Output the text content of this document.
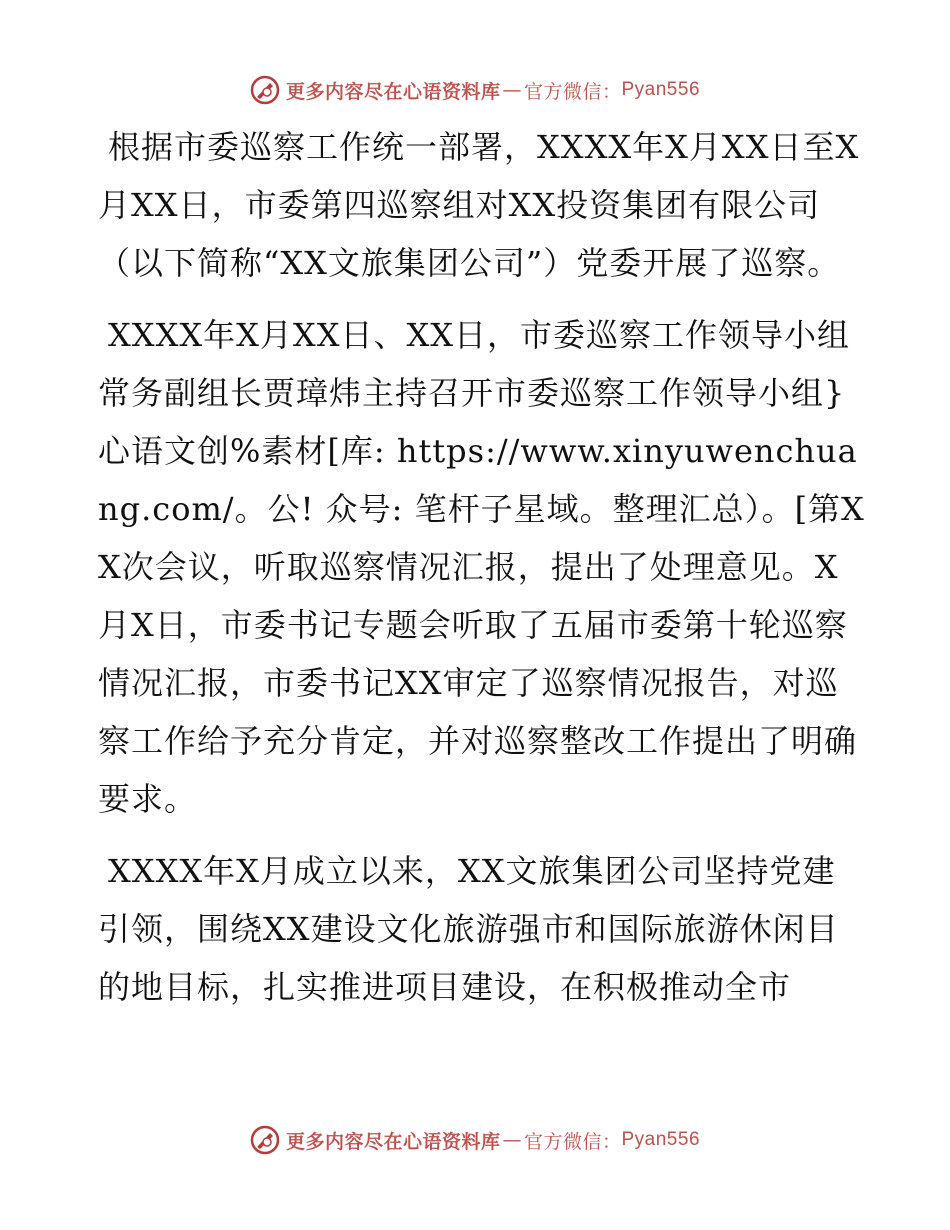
更多内容尽在心语资料库 — 官方微信： Pyan556

根据市委巡察工作统一部署，XXXX年X月XX日至X月XX日，市委第四巡察组对XX投资集团有限公司（以下简称“XX文旅集团公司”）党委开展了巡察。

XXXX年X月XX日、XX日，市委巡察工作领导小组常务副组长贾璋炜主持召开市委巡察工作领导小组}心语文创%素材[库: https://www.xinyuwenchuang.com/。公! 众号: 笔杆子星域。整理汇总）。[第XX次会议，听取巡察情况汇报，提出了处理意见。X月X日，市委书记专题会听取了五届市委第十轮巡察情况汇报，市委书记XX审定了巡察情况报告，对巡察工作给予充分肯定，并对巡察整改工作提出了明确要求。

XXXX年X月成立以来，XX文旅集团公司坚持党建引领，围绕XX建设文化旅游强市和国际旅游休闲目的地目标，扎实推进项目建设，在积极推动全市

更多内容尽在心语资料库 — 官方微信： Pyan556
